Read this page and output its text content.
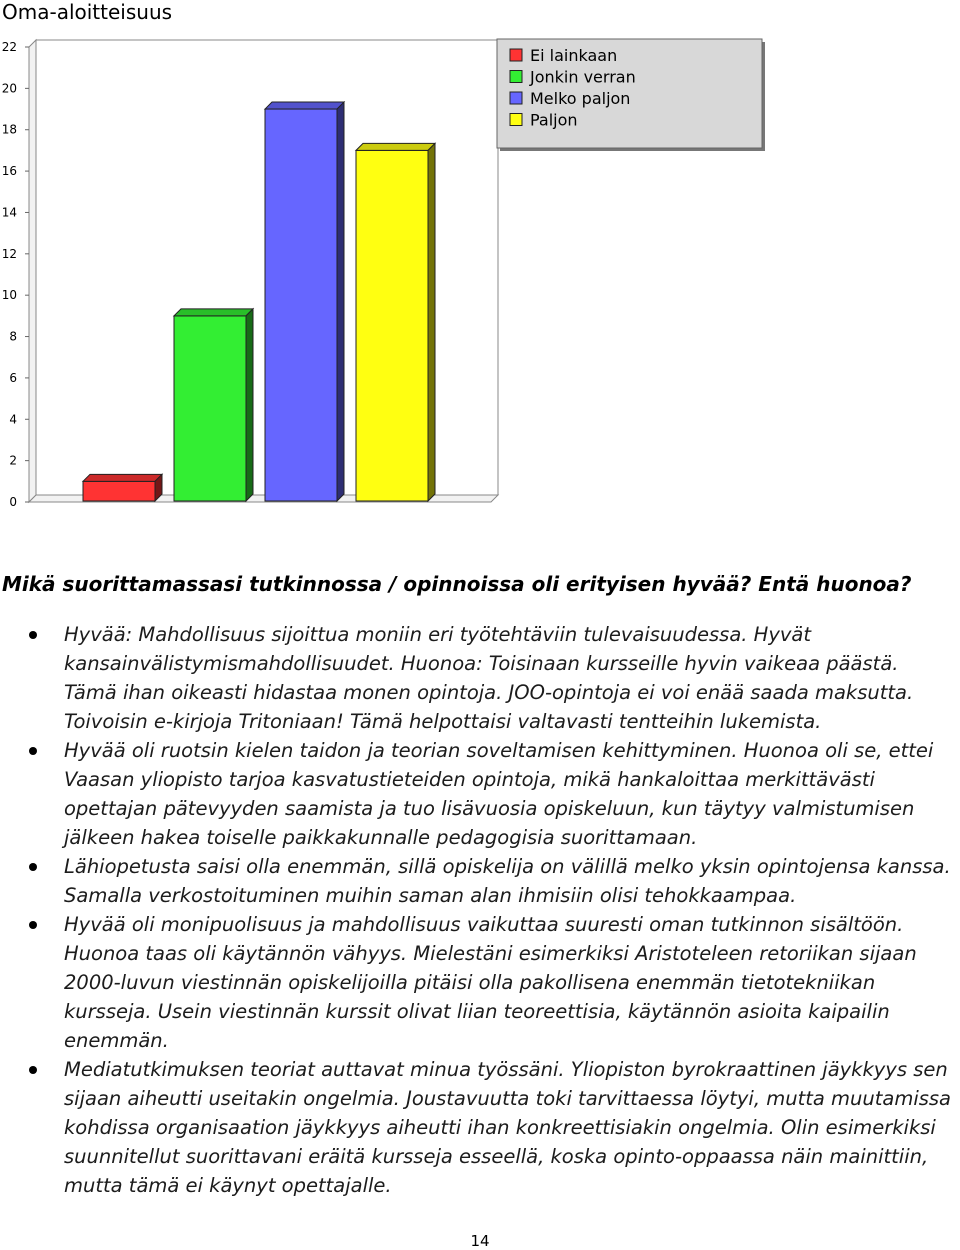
Oma-aloitteisuus
0
2
4
6
8
10
12
14
16
18
20
22	Ei lainkaan
Jonkin verran
Melko paljon
Paljon
Mikä suorittamassasi tutkinnossa / opinnoissa oli erityisen hyvää? Entä huonoa?
Hyvää: Mahdollisuus sijoittua moniin eri työtehtäviin tulevaisuudessa. Hyvät kansainvälistymismahdollisuudet. Huonoa: Toisinaan kursseille hyvin vaikeaa päästä. Tämä ihan oikeasti hidastaa monen opintoja. JOO-opintoja ei voi enää saada maksutta. Toivoisin e-kirjoja Tritoniaan! Tämä helpottaisi valtavasti tentteihin lukemista.
Hyvää oli ruotsin kielen taidon ja teorian soveltamisen kehittyminen. Huonoa oli se, ettei Vaasan yliopisto tarjoa kasvatustieteiden opintoja, mikä hankaloittaa merkittävästi opettajan pätevyyden saamista ja tuo lisävuosia opiskeluun, kun täytyy valmistumisen jälkeen hakea toiselle paikkakunnalle pedagogisia suorittamaan.
Lähiopetusta saisi olla enemmän, sillä opiskelija on välillä melko yksin opintojensa kanssa. Samalla verkostoituminen muihin saman alan ihmisiin olisi tehokkaampaa.
Hyvää oli monipuolisuus ja mahdollisuus vaikuttaa suuresti oman tutkinnon sisältöön. Huonoa taas oli käytännön vähyys. Mielestäni esimerkiksi Aristoteleen retoriikan sijaan 2000-luvun viestinnän opiskelijoilla pitäisi olla pakollisena enemmän tietotekniikan kursseja. Usein viestinnän kurssit olivat liian teoreettisia, käytännön asioita kaipailin enemmän.
Mediatutkimuksen teoriat auttavat minua työssäni. Yliopiston byrokraattinen jäykkyys sen sijaan aiheutti useitakin ongelmia. Joustavuutta toki tarvittaessa löytyi, mutta muutamissa kohdissa organisaation jäykkyys aiheutti ihan konkreettisiakin ongelmia. Olin esimerkiksi suunnitellut suorittavani eräitä kursseja esseellä, koska opinto-oppaassa näin mainittiin, mutta tämä ei käynyt opettajalle.
14
